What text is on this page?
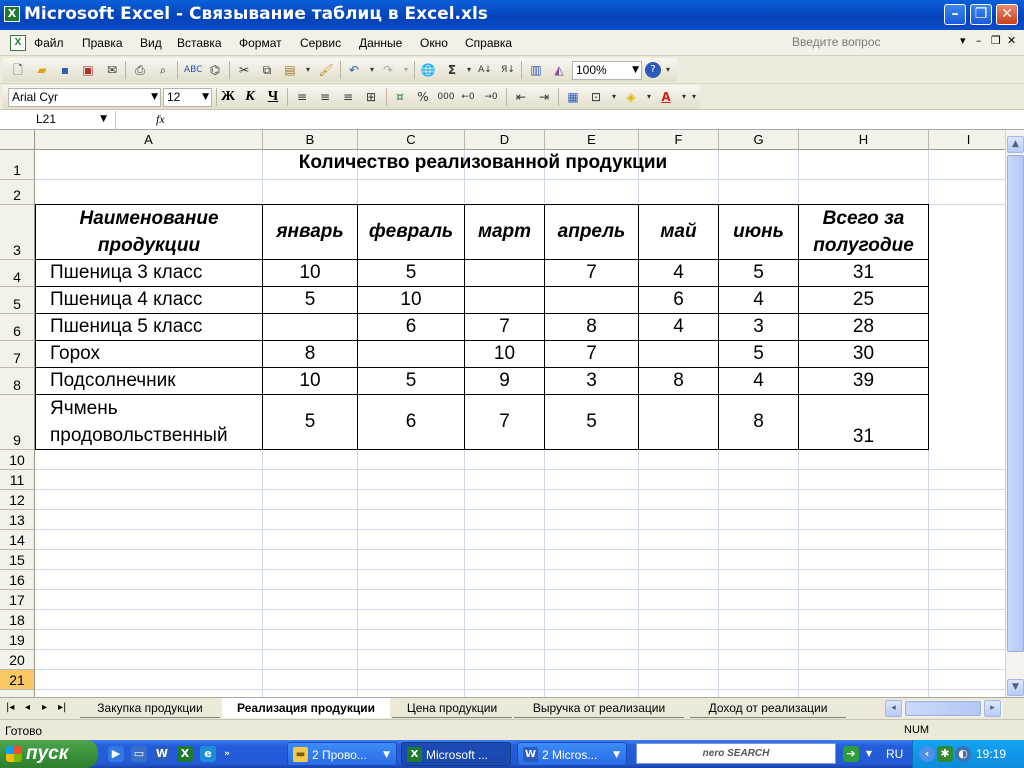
X Microsoft Excel - Связывание таблиц в Excel.xls	–	❐ ✕
X	Файл Правка Вид Вставка Формат Сервис Данные Окно Справка	Введите вопрос	▾ – ❐ ✕
🗋 ▰	▪	▣ ✉ ⎙	⌕	ABC ⌬ ✂	⧉	▤	▾ 🖌 ↶	▾ ↷	▾	🌐	Σ	▾ А↓ Я↓ ▥ ◭	100%	▼	?	▾
Arial Cyr	▼ 12 ▼ Ж К Ч ≡ ≡ ≡ ⊞	¤	% 000 ←0 →0 ⇤ ⇥ ▦ ⊡	▾ ◈	▾ A	▾ ▾
L21	▼	fx
A	B	C	D	E	F	G	H	I
1
2
3
4
5
6
7
8
9
10
11
12
13
14
15
16
17
18
19
20
21
Количество реализованной продукции
Наименование
продукции
январь	февраль	март	апрель	май	июнь
Всего за
полугодие
Пшеница 3 класс	10	5	7	4	5	31
Пшеница 4 класс	5	10	6	4	25
Пшеница 5 класс	6	7	8	4	3	28
Горох	8	10	7	5	30
Подсолнечник	10	5	9	3	8	4	39
Ячмень
продовольственный
5	6	7	5	8
31
▲
▼
|◂ ◂ ▸ ▸|	Закупка продукции	Реализация продукции	Цена продукции	Выручка от реализации	Доход от реализации	◂	▸
Готово	NUM
пуск	▶	▭ W	X	e	»	▬ 2 Прово... ▼	X Microsoft ...	W 2 Micros... ▼	nero SEARCH	➔	▼ RU	‹	✱ ◐ 19:19
